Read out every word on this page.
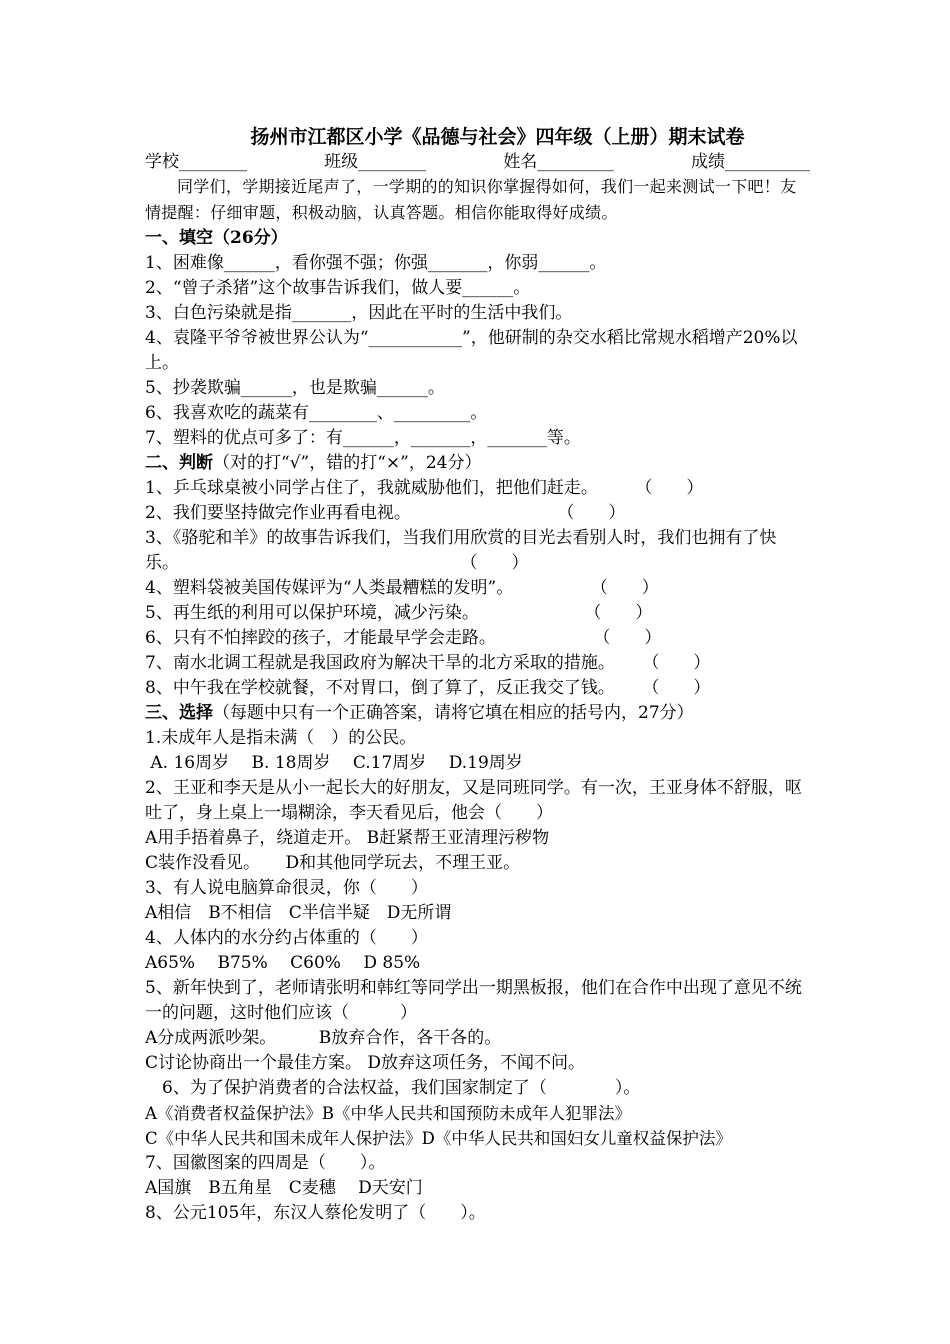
扬州市江都区小学《品德与社会》四年级（上册）期末试卷
学校________	班级________	姓名_________	成绩__________
同学们，学期接近尾声了，一学期的的知识你掌握得如何，我们一起来测试一下吧！友情提醒：仔细审题，积极动脑，认真答题。相信你能取得好成绩。
一、填空（26分）
1、困难像______，看你强不强；你强_______，你弱______。
2、“曾子杀猪”这个故事告诉我们，做人要______。
3、白色污染就是指_______，因此在平时的生活中我们。
4、袁隆平爷爷被世界公认为“___________”，他研制的杂交水稻比常规水稻增产20%以上。
5、抄袭欺骗______，也是欺骗______。
6、我喜欢吃的蔬菜有________、_________。
7、塑料的优点可多了：有______，_______，_______等。
二、判断（对的打“√”，错的打“×”，24分）
1、乒乓球桌被小同学占住了，我就威胁他们，把他们赶走。	（　　）
2、我们要坚持做完作业再看电视。	（　　）
3、《骆驼和羊》的故事告诉我们，当我们用欣赏的目光去看别人时，我们也拥有了快乐。	（　　）
4、塑料袋被美国传媒评为“人类最糟糕的发明”。	（　　）
5、再生纸的利用可以保护环境，减少污染。	（　　）
6、只有不怕摔跤的孩子，才能最早学会走路。	（　　）
7、南水北调工程就是我国政府为解决干旱的北方采取的措施。 （　　）
8、中午我在学校就餐，不对胃口，倒了算了，反正我交了钱。 （　　）
三、选择（每题中只有一个正确答案，请将它填在相应的括号内，27分）
1.未成年人是指未满（　）的公民。
A. 16周岁　 B. 18周岁　 C.17周岁　 D.19周岁
2、王亚和李天是从小一起长大的好朋友，又是同班同学。有一次，王亚身体不舒服，呕吐了，身上桌上一塌糊涂，李天看见后，他会（　　）
A用手捂着鼻子，绕道走开。 B赶紧帮王亚清理污秽物
C装作没看见。　　D和其他同学玩去，不理王亚。
3、有人说电脑算命很灵，你（　　）
A相信　B不相信　C半信半疑　D无所谓
4、人体内的水分约占体重的（　　）
A65%　 B75%　 C60%　 D 85%
5、新年快到了，老师请张明和韩红等同学出一期黑板报，他们在合作中出现了意见不统一的问题，这时他们应该（　　　）
A分成两派吵架。　　　B放弃合作，各干各的。
C讨论协商出一个最佳方案。 D放弃这项任务，不闻不问。
　6、为了保护消费者的合法权益，我们国家制定了（　　　　）。
A《消费者权益保护法》B《中华人民共和国预防未成年人犯罪法》
C《中华人民共和国未成年人保护法》D《中华人民共和国妇女儿童权益保护法》
7、国徽图案的四周是（　　）。
A国旗　B五角星　C麦穗　 D天安门
8、公元105年，东汉人蔡伦发明了（　　）。
